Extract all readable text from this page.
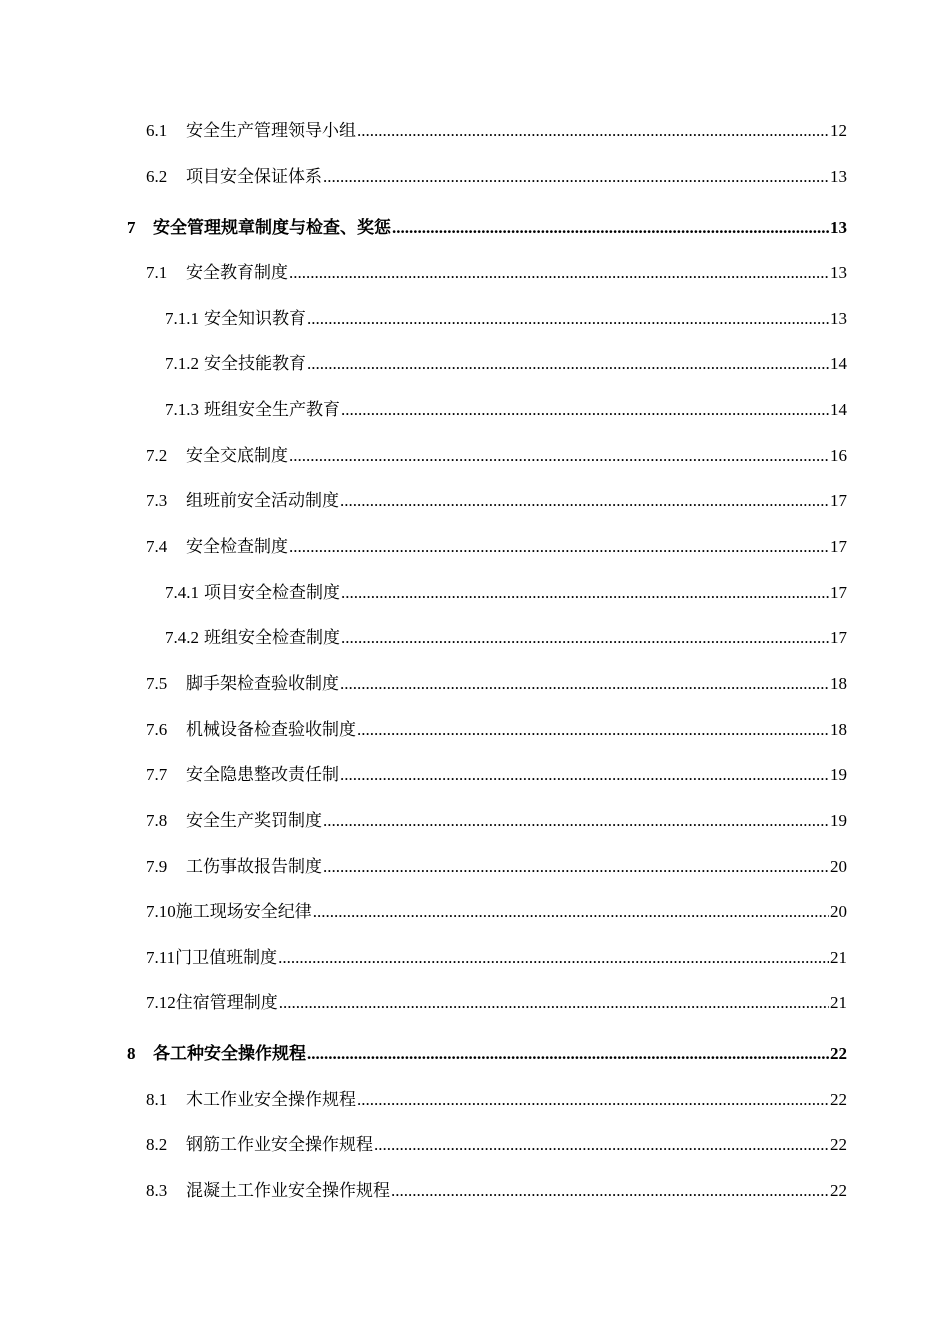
6.1	安全生产管理领导小组 .....	12
6.2	项目安全保证体系 .....	13
7	安全管理规章制度与检查、奖惩 .....	13
7.1	安全教育制度 .....	13
7.1.1 安全知识教育 .....	13
7.1.2 安全技能教育 .....	14
7.1.3 班组安全生产教育 .....	14
7.2	安全交底制度 .....	16
7.3	组班前安全活动制度 .....	17
7.4	安全检查制度 .....	17
7.4.1 项目安全检查制度 .....	17
7.4.2 班组安全检查制度 .....	17
7.5	脚手架检查验收制度 .....	18
7.6	机械设备检查验收制度 .....	18
7.7	安全隐患整改责任制 .....	19
7.8	安全生产奖罚制度 .....	19
7.9	工伤事故报告制度 .....	20
7.10 施工现场安全纪律 .....	20
7.11 门卫值班制度 .....	21
7.12 住宿管理制度 .....	21
8	各工种安全操作规程 .....	22
8.1	木工作业安全操作规程 .....	22
8.2	钢筋工作业安全操作规程 .....	22
8.3	混凝土工作业安全操作规程 .....	22
